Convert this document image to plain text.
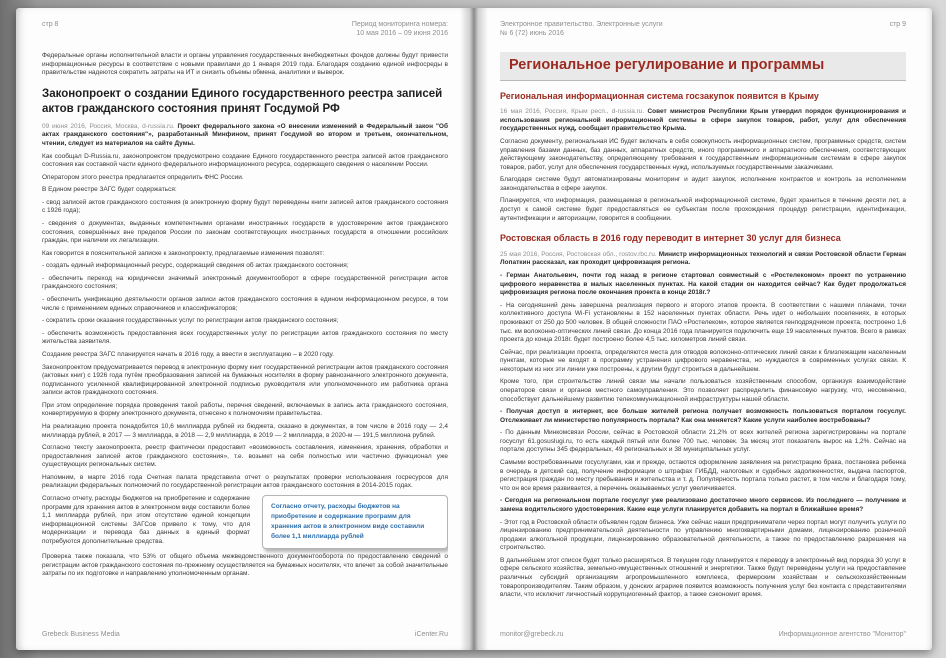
стр 8	Период мониторинга номера:
10 мая 2016 – 09 июня 2016

Федеральные органы исполнительной власти и органы управления государственных внебюджетных фондов должны будут привести информационные ресурсы в соответствие с новыми правилами до 1 января 2019 года. Благодаря созданию единой инфосреды в правительстве надеются сократить затраты на ИТ и снизить объемы обмена, аналитики и выверок.

Законопроект о создании Единого государственного реестра записей актов гражданского состояния принят Госдумой РФ

09 июня 2016, Россия, Москва, d-russia.ru. Проект федерального закона «О внесении изменений в Федеральный закон "Об актах гражданского состояния"», разработанный Минфином, принят Госдумой во втором и третьем, окончательном, чтении, следует из материалов на сайте Думы.

Как сообщал D-Russia.ru, законопроектом предусмотрено создание Единого государственного реестра записей актов гражданского состояния как составной части единого федерального информационного ресурса, содержащего сведения о населении России.

Оператором этого реестра предлагается определить ФНС России.

В Едином реестре ЗАГС будет содержаться:

- свод записей актов гражданского состояния (в электронную форму будут переведены книги записей актов гражданского состояния с 1926 года);

- сведения о документах, выданных компетентными органами иностранных государств в удостоверение актов гражданского состояния, совершённых вне пределов России по законам соответствующих иностранных государств в отношении российских граждан, при наличии их легализации.

Как говорится в пояснительной записке к законопроекту, предлагаемые изменения позволят:

- создать единый информационный ресурс, содержащий сведения об актах гражданского состояния;

- обеспечить переход на юридически значимый электронный документооборот в сфере государственной регистрации актов гражданского состояния;

- обеспечить унификацию деятельности органов записи актов гражданского состояния в едином информационном ресурсе, в том числе с применением единых справочников и классификаторов;

- сократить сроки оказания государственных услуг по регистрации актов гражданского состояния;

- обеспечить возможность предоставления всех государственных услуг по регистрации актов гражданского состояния по месту жительства заявителя.

Создание реестра ЗАГС планируется начать в 2016 году, а ввести в эксплуатацию – в 2020 году.

Законопроектом предусматривается перевод в электронную форму книг государственной регистрации актов гражданского состояния (актовых книг) с 1926 года путём преобразования записей на бумажных носителях в форму равнозначного электронного документа, подписанного усиленной квалифицированной электронной подписью руководителя или уполномоченного им работника органа записи актов гражданского состояния.

При этом определение порядка проведения такой работы, перечня сведений, включаемых в запись акта гражданского состояния, конвертируемую в форму электронного документа, отнесено к полномочиям правительства.

На реализацию проекта понадобится 10,6 миллиарда рублей из бюджета, сказано в документах, в том числе в 2016 году — 2,4 миллиарда рублей, в 2017 — 3 миллиарда, в 2018 — 2,9 миллиарда, в 2019 — 2 миллиарда, в 2020-м — 191,5 миллиона рублей.

Согласно тексту законопроекта, реестр фактически предоставит «возможность составления, изменения, хранения, обработки и предоставления записей актов гражданского состояния», т.е. возьмет на себя полностью или частично функционал уже существующих региональных систем.

Напомним, в марте 2016 года Счетная палата представила отчет о результатах проверки использования госресурсов для реализации федеральных полномочий по государственной регистрации актов гражданского состояния в 2014-2015 годах.

Согласно отчету, расходы бюджетов на приобретение и содержание программ для хранения актов в электронном виде составили более 1,1 миллиарда рублей, при этом отсутствие единой концепции информационной системы ЗАГСов привело к тому, что для модернизации и перевода баз данных в единый формат потребуются дополнительные средства.

Согласно отчету, расходы бюджетов на приобретение и содержание программ для хранения актов в электронном виде составили более 1,1 миллиарда рублей

Проверка также показала, что 53% от общего объема межведомственного документооборота по предоставлению сведений о регистрации актов гражданского состояния по-прежнему осуществляется на бумажных носителях, что влечет за собой значительные затраты по их подготовке и направлению уполномоченным органам.

Grebeck Business Media	iCenter.Ru
Электронное правительство. Электронные услуги
№ 6 (72) июнь 2016
стр 9
Региональное регулирование и программы
Региональная информационная система госзакупок появится в Крыму

16 мая 2016, Россия, Крым респ., d-russia.ru. Совет министров Республики Крым утвердил порядок функционирования и использования региональной информационной системы в сфере закупок товаров, работ, услуг для обеспечения государственных нужд, сообщает правительство Крыма.

Согласно документу, региональная ИС будет включать в себя совокупность информационных систем, программных средств, систем управления базами данных, баз данных, аппаратных средств, иного программного и аппаратного обеспечения, соответствующих действующему законодательству, определяющему требования к государственным информационным системам в сфере закупок товаров, работ, услуг для обеспечения государственных нужд, используемых государственными заказчиками.

Благодаря системе будут автоматизированы мониторинг и аудит закупок, исполнение контрактов и контроль за исполнением законодательства в сфере закупок.

Планируется, что информация, размещаемая в региональной информационной системе, будет храниться в течение десяти лет, а доступ к самой системе будет предоставляться ее субъектам после прохождения процедур регистрации, идентификации, аутентификации и авторизации, говорится в сообщении.

Ростовская область в 2016 году переводит в интернет 30 услуг для бизнеса

25 мая 2016, Россия, Ростовская обл., rostov.rbc.ru. Министр информационных технологий и связи Ростовской области Герман Лопаткин рассказал, как проходит цифровизация региона.

- Герман Анатольевич, почти год назад в регионе стартовал совместный с «Ростелекомом» проект по устранению цифрового неравенства в малых населенных пунктах. На какой стадии он находится сейчас? Как будет продолжаться цифровизация региона после окончания проекта в конце 2018г.?

- На сегодняшний день завершена реализация первого и второго этапов проекта. В соответствии с нашими планами, точки коллективного доступа Wi-Fi установлены в 152 населенных пунктах области. Речь идет о небольших поселениях, в которых проживают от 250 до 500 человек. В общей сложности ПАО «Ростелеком», которое является генподрядчиком проекта, построено 1,6 тыс. км волоконно-оптических линий связи. До конца 2016 года планируется подключить еще 19 населенных пунктов. Всего в рамках проекта до конца 2018г. будет построено более 4,5 тыс. километров линий связи.

Сейчас, при реализации проекта, определяются места для отводов волоконно-оптических линий связи к близлежащим населенным пунктам, которые не входят в программу устранения цифрового неравенства, но нуждаются в современных услугах связи. К некоторым из них эти линии уже построены, к другим будут строиться в дальнейшем.

Кроме того, при строительстве линий связи мы начали пользоваться хозяйственным способом, организуя взаимодействие операторов связи и органов местного самоуправления. Это позволяет распределить финансовую нагрузку, что, несомненно, способствует дальнейшему развитию телекоммуникационной инфраструктуры нашей области.

- Получая доступ в интернет, все больше жителей региона получает возможность пользоваться порталом госуслуг. Отслеживает ли министерство популярность портала? Как она меняется? Какие услуги наиболее востребованы?

- По данным Минкомсвязи России, сейчас в Ростовской области 21,2% от всех жителей региона зарегистрированы на портале госуслуг 61.gosuslugi.ru, то есть каждый пятый или более 700 тыс. человек. За месяц этот показатель вырос на 1,2%. Сейчас на портале доступны 345 федеральных, 49 региональных и 38 муниципальных услуг.

Самыми востребованными госуслугами, как и прежде, остаются оформление заявления на регистрацию брака, постановка ребенка в очередь в детский сад, получение информации о штрафах ГИБДД, налоговых и судебных задолженностях, выдача паспортов, регистрация граждан по месту пребывания и жительства и т. д. Популярность портала только растет, в том числе и благодаря тому, что он все время развивается, а перечень оказываемых услуг увеличивается.

- Сегодня на региональном портале госуслуг уже реализовано достаточно много сервисов. Из последнего — получение и замена водительского удостоверения. Какие еще услуги планируется добавить на портал в ближайшее время?

- Этот год в Ростовской области объявлен годом бизнеса. Уже сейчас наши предприниматели через портал могут получить услуги по лицензированию предпринимательской деятельности по управлению многоквартирными домами, лицензированию розничной продажи алкогольной продукции, лицензированию образовательной деятельности, а также по предоставлению разрешения на строительство.

В дальнейшем этот список будет только расширяться. В текущем году планируется к переводу в электронный вид порядка 30 услуг в сфере сельского хозяйства, земельно-имущественных отношений и энергетики. Также будут переведены услуги на предоставление различных субсидий организациям агропромышленного комплекса, фермерским хозяйствам и сельскохозяйственным товаропроизводителям. Таким образом, у донских аграриев появится возможность получения услуг без контакта с представителями власти, что исключит личностный коррупциогенный фактор, а также сэкономит время.

monitor@grebeck.ru	Информационное агентство "Монитор"
